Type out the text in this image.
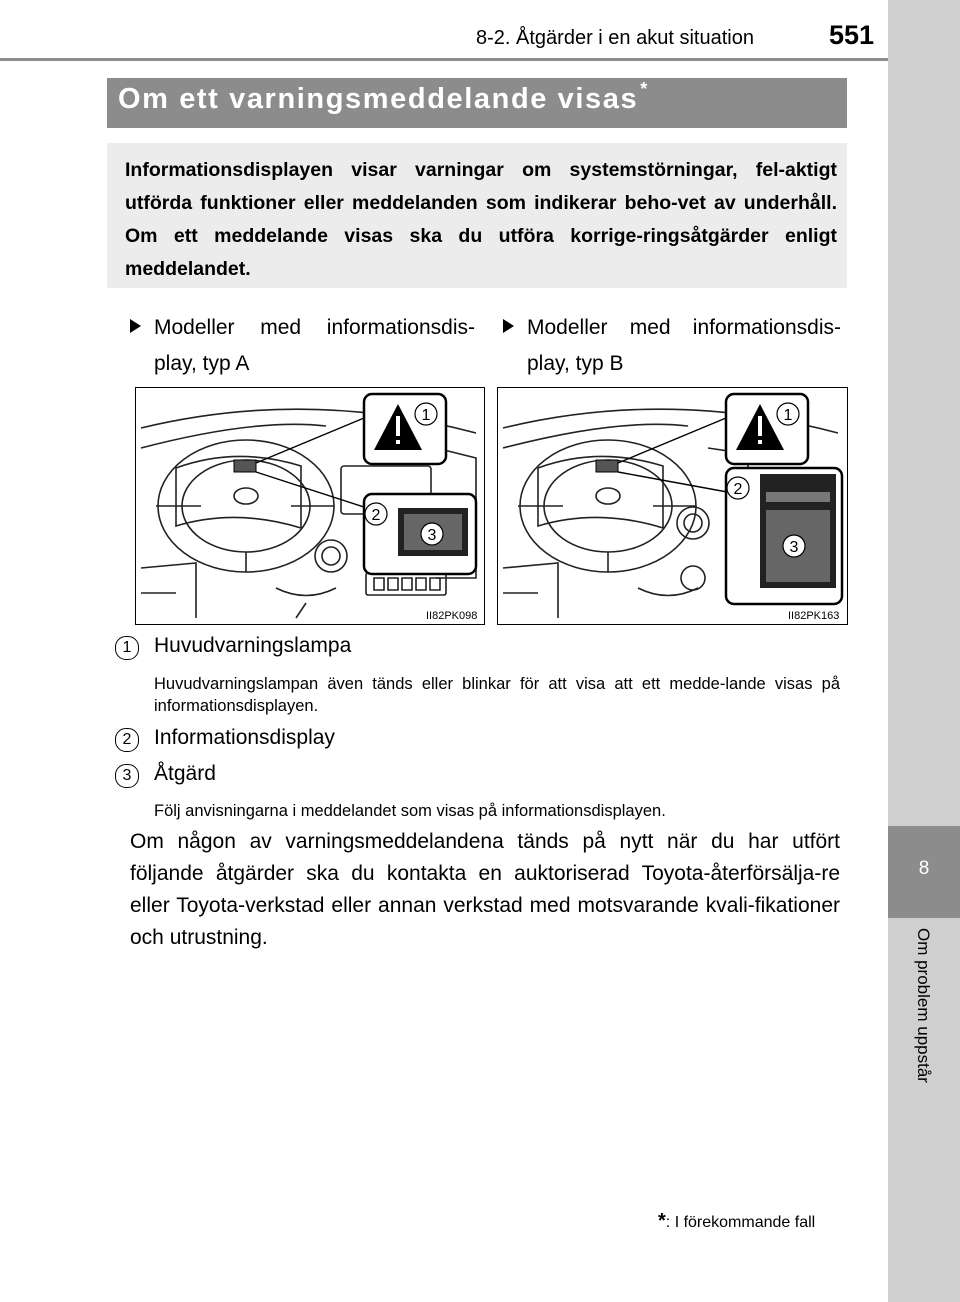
8
Om problem uppstår
8-2. Åtgärder i en akut situation	551
Om ett varningsmeddelande visas *
Informationsdisplayen visar varningar om systemstörningar, fel-aktigt utförda funktioner eller meddelanden som indikerar beho-vet av underhåll. Om ett meddelande visas ska du utföra korrige-ringsåtgärder enligt meddelandet.
Modeller med informationsdis-play, typ A
Modeller med informationsdis-play, typ B
1
2
3
II82PK098
1
2
3
II82PK163
1	Huvudvarningslampa
Huvudvarningslampan även tänds eller blinkar för att visa att ett medde-lande visas på informationsdisplayen.
2	Informationsdisplay
3	Åtgärd
Följ anvisningarna i meddelandet som visas på informationsdisplayen.
Om någon av varningsmeddelandena tänds på nytt när du har utfört följande åtgärder ska du kontakta en auktoriserad Toyota-återförsälja-re eller Toyota-verkstad eller annan verkstad med motsvarande kvali-fikationer och utrustning.
*: I förekommande fall
